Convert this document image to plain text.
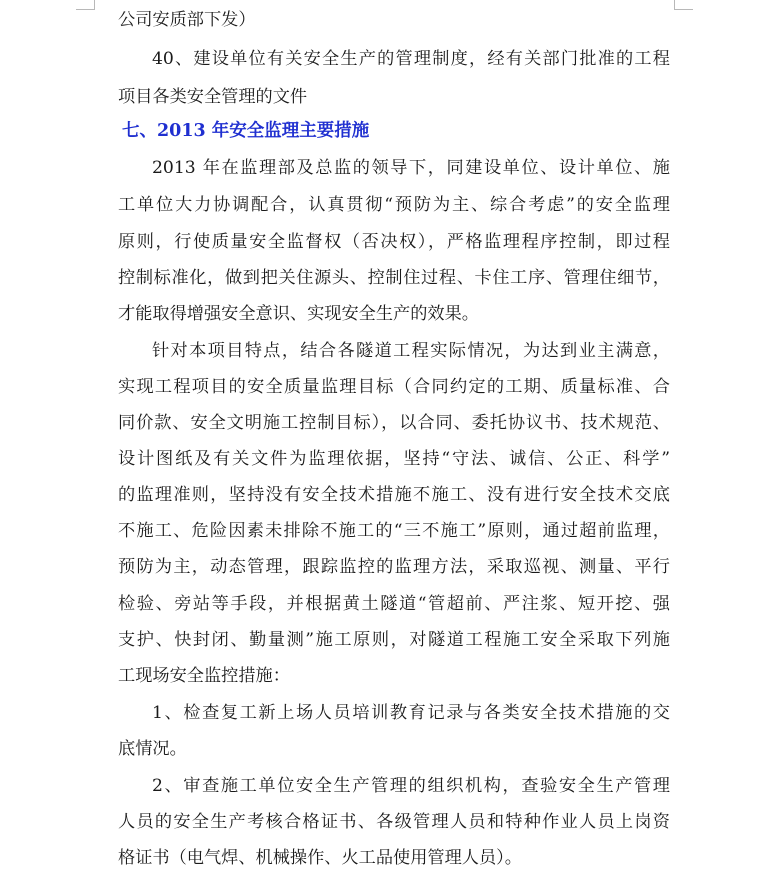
公司安质部下发）
40、建设单位有关安全生产的管理制度，经有关部门批准的工程
项目各类安全管理的文件
七、2013 年安全监理主要措施
2013 年在监理部及总监的领导下，同建设单位、设计单位、施
工单位大力协调配合，认真贯彻“预防为主、综合考虑”的安全监理
原则，行使质量安全监督权（否决权），严格监理程序控制，即过程
控制标准化，做到把关住源头、控制住过程、卡住工序、管理住细节，
才能取得增强安全意识、实现安全生产的效果。
针对本项目特点，结合各隧道工程实际情况，为达到业主满意，
实现工程项目的安全质量监理目标（合同约定的工期、质量标准、合
同价款、安全文明施工控制目标），以合同、委托协议书、技术规范、
设计图纸及有关文件为监理依据，坚持“守法、诚信、公正、科学”
的监理准则，坚持没有安全技术措施不施工、没有进行安全技术交底
不施工、危险因素未排除不施工的“三不施工”原则，通过超前监理，
预防为主，动态管理，跟踪监控的监理方法，采取巡视、测量、平行
检验、旁站等手段，并根据黄土隧道“管超前、严注浆、短开挖、强
支护、快封闭、勤量测”施工原则，对隧道工程施工安全采取下列施
工现场安全监控措施：
1、检查复工新上场人员培训教育记录与各类安全技术措施的交
底情况。
2、审查施工单位安全生产管理的组织机构，查验安全生产管理
人员的安全生产考核合格证书、各级管理人员和特种作业人员上岗资
格证书（电气焊、机械操作、火工品使用管理人员）。
